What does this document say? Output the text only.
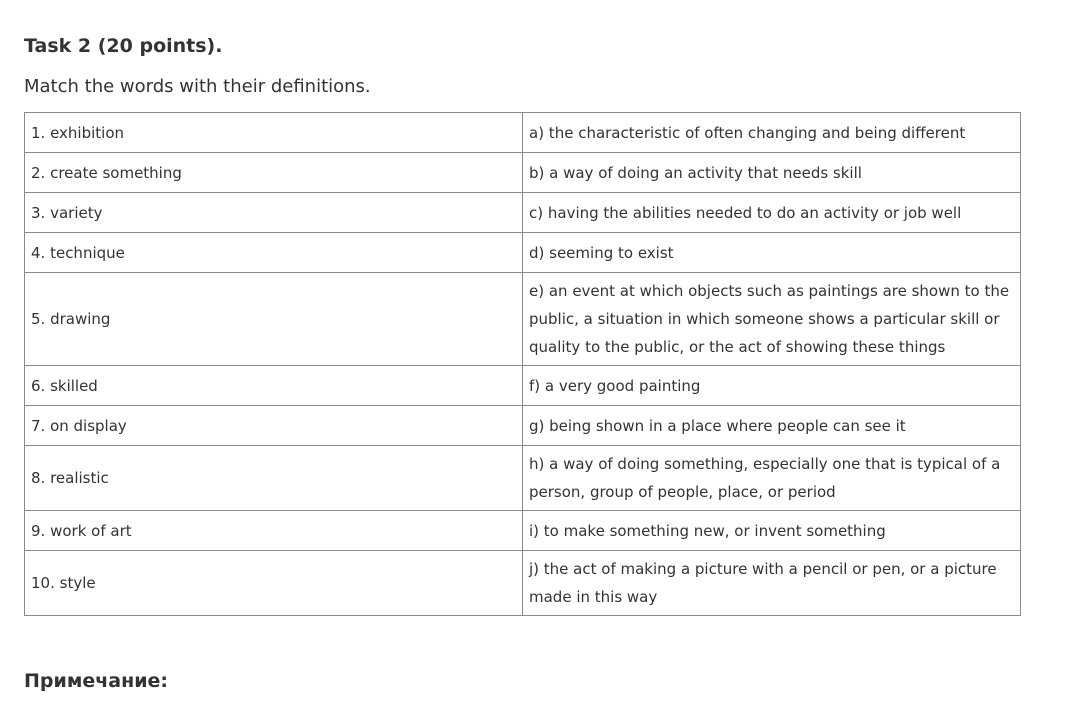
Task 2 (20 points).

Match the words with their definitions.

1. exhibition	a) the characteristic of often changing and being different
2. create something	b) a way of doing an activity that needs skill
3. variety	c) having the abilities needed to do an activity or job well
4. technique	d) seeming to exist
5. drawing	e) an event at which objects such as paintings are shown to the public, a situation in which someone shows a particular skill or quality to the public, or the act of showing these things
6. skilled	f) a very good painting
7. on display	g) being shown in a place where people can see it
8. realistic	h) a way of doing something, especially one that is typical of a person, group of people, place, or period
9. work of art	i) to make something new, or invent something
10. style	j) the act of making a picture with a pencil or pen, or a picture made in this way

Примечание:
